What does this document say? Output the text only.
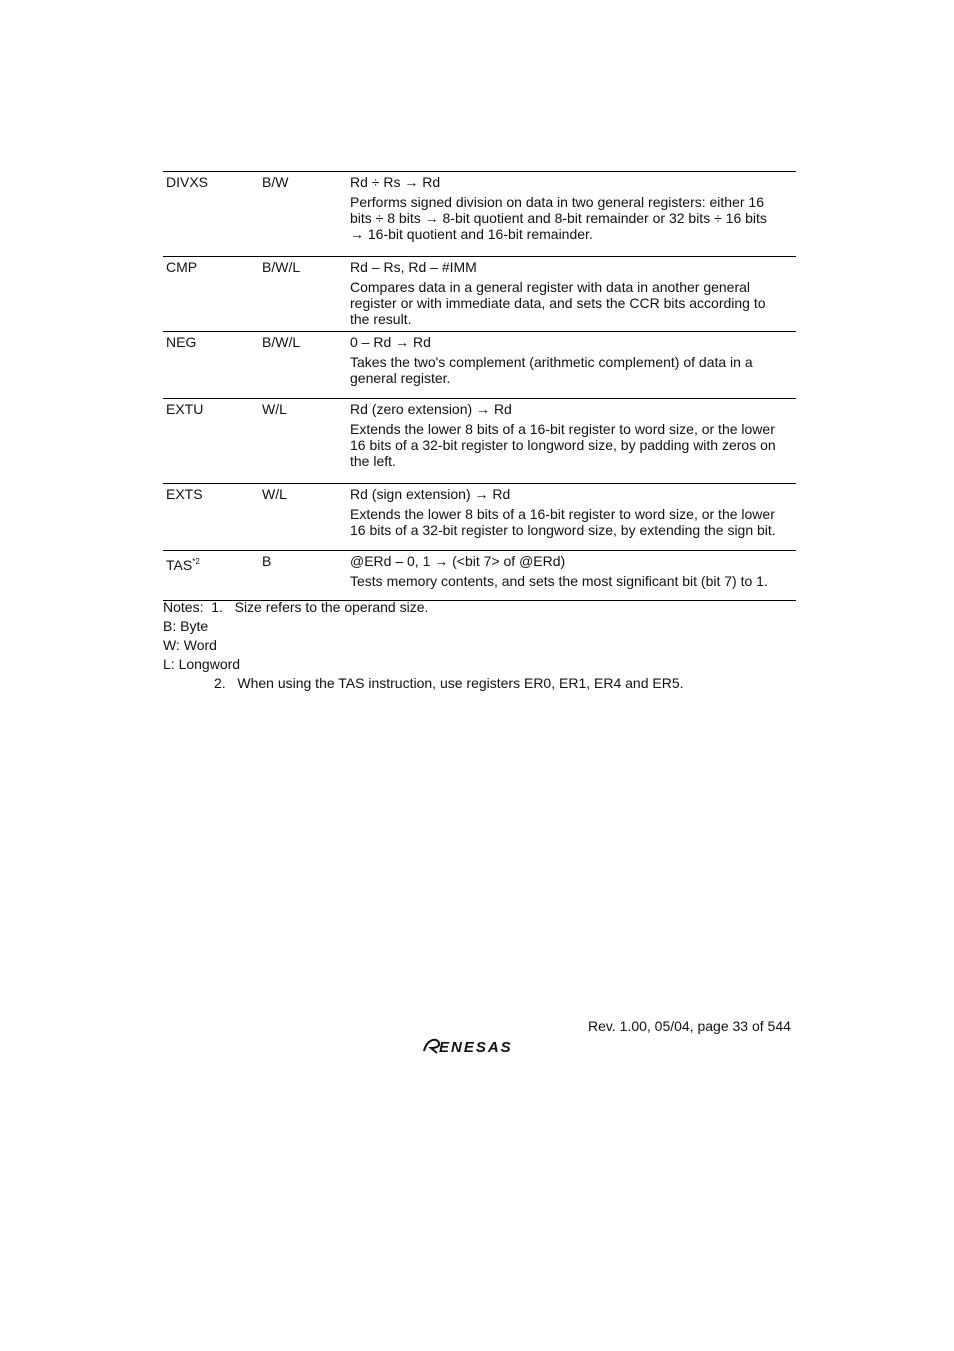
DIVXS	B/W	Rd ÷ Rs → Rd
Performs signed division on data in two general registers: either 16
bits ÷ 8 bits → 8-bit quotient and 8-bit remainder or 32 bits ÷ 16 bits
→ 16-bit quotient and 16-bit remainder.
CMP	B/W/L	Rd – Rs, Rd – #IMM
Compares data in a general register with data in another general
register or with immediate data, and sets the CCR bits according to
the result.
NEG	B/W/L	0 – Rd → Rd
Takes the two's complement (arithmetic complement) of data in a
general register.
EXTU	W/L	Rd (zero extension) → Rd
Extends the lower 8 bits of a 16-bit register to word size, or the lower
16 bits of a 32-bit register to longword size, by padding with zeros on
the left.
EXTS	W/L	Rd (sign extension) → Rd
Extends the lower 8 bits of a 16-bit register to word size, or the lower
16 bits of a 32-bit register to longword size, by extending the sign bit.
TAS$^{*2}$	B	@ERd – 0, 1 → (<bit 7> of @ERd)
Tests memory contents, and sets the most significant bit (bit 7) to 1.
Notes: 1. Size refers to the operand size.
B: Byte
W: Word
L: Longword
2. When using the TAS instruction, use registers ER0, ER1, ER4 and ER5.
Rev. 1.00, 05/04, page 33 of 544
ENESAS
